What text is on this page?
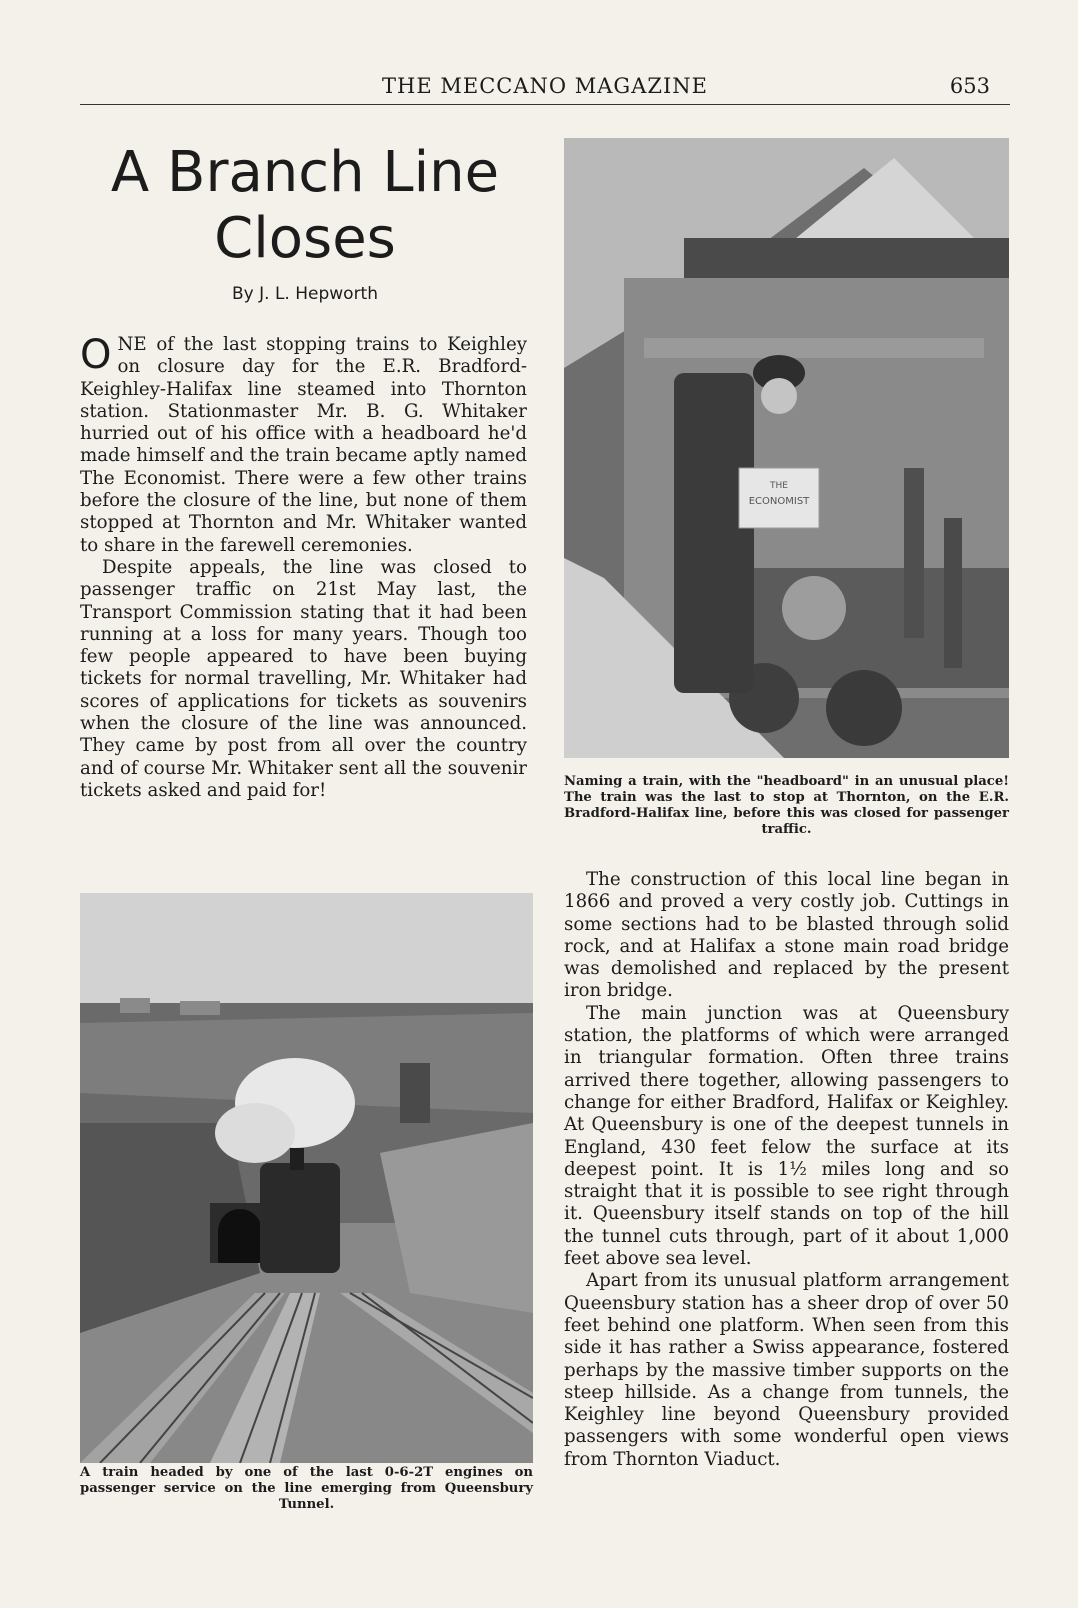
THE MECCANO MAGAZINE	653
A Branch Line
Closes
By J. L. Hepworth

ONE of the last stopping trains to Keighley on closure day for the E.R. Bradford-Keighley-Halifax line steamed into Thornton station. Stationmaster Mr. B. G. Whitaker hurried out of his office with a headboard he'd made himself and the train became aptly named The Economist. There were a few other trains before the closure of the line, but none of them stopped at Thornton and Mr. Whitaker wanted to share in the farewell ceremonies.

Despite appeals, the line was closed to passenger traffic on 21st May last, the Transport Commission stating that it had been running at a loss for many years. Though too few people appeared to have been buying tickets for normal travelling, Mr. Whitaker had scores of applications for tickets as souvenirs when the closure of the line was announced. They came by post from all over the country and of course Mr. Whitaker sent all the souvenir tickets asked and paid for!

THE
ECONOMIST
Naming a train, with the "headboard" in an unusual place! The train was the last to stop at Thornton, on the E.R. Bradford-Halifax line, before this was closed for passenger traffic.

The construction of this local line began in 1866 and proved a very costly job. Cuttings in some sections had to be blasted through solid rock, and at Halifax a stone main road bridge was demolished and replaced by the present iron bridge.

The main junction was at Queensbury station, the platforms of which were arranged in triangular formation. Often three trains arrived there together, allowing passengers to change for either Bradford, Halifax or Keighley. At Queensbury is one of the deepest tunnels in England, 430 feet felow the surface at its deepest point. It is 1½ miles long and so straight that it is possible to see right through it. Queensbury itself stands on top of the hill the tunnel cuts through, part of it about 1,000 feet above sea level.

Apart from its unusual platform arrangement Queensbury station has a sheer drop of over 50 feet behind one platform. When seen from this side it has rather a Swiss appearance, fostered perhaps by the massive timber supports on the steep hillside. As a change from tunnels, the Keighley line beyond Queensbury provided passengers with some wonderful open views from Thornton Viaduct.

A train headed by one of the last 0-6-2T engines on passenger service on the line emerging from Queensbury Tunnel.
